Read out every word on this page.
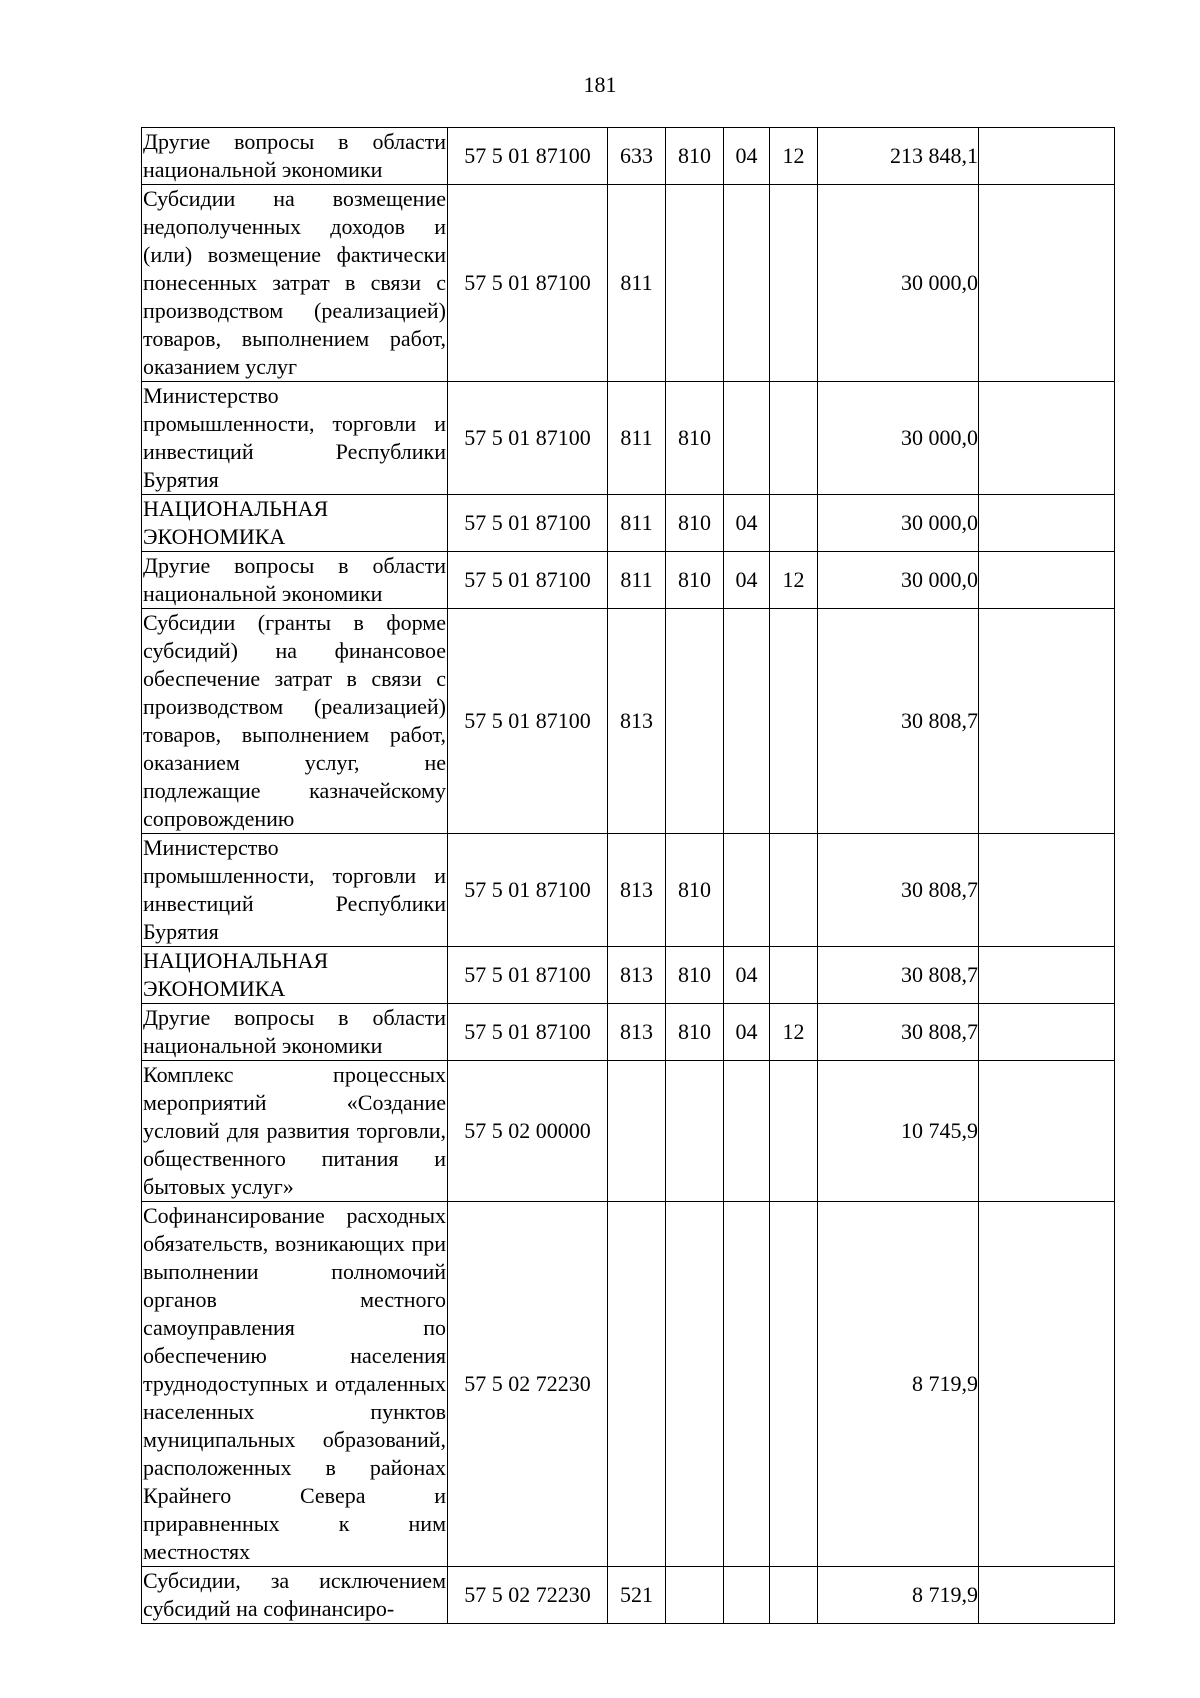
181
Другие вопросы в области национальной экономики	57 5 01 87100	633	810	04	12	213 848,1	
Субсидии на возмещение недополученных доходов и (или) возмещение фактически понесенных затрат в связи с производством (реализацией) товаров, выполнением работ, оказанием услуг	57 5 01 87100	811				30 000,0	
Министерство промышленности, торговли и инвестиций Республики Бурятия	57 5 01 87100	811	810			30 000,0	
НАЦИОНАЛЬНАЯ ЭКОНОМИКА	57 5 01 87100	811	810	04		30 000,0	
Другие вопросы в области национальной экономики	57 5 01 87100	811	810	04	12	30 000,0	
Субсидии (гранты в форме субсидий) на финансовое обеспечение затрат в связи с производством (реализацией) товаров, выполнением работ, оказанием услуг, не подлежащие казначейскому сопровождению	57 5 01 87100	813				30 808,7	
Министерство промышленности, торговли и инвестиций Республики Бурятия	57 5 01 87100	813	810			30 808,7	
НАЦИОНАЛЬНАЯ ЭКОНОМИКА	57 5 01 87100	813	810	04		30 808,7	
Другие вопросы в области национальной экономики	57 5 01 87100	813	810	04	12	30 808,7	
Комплекс процессных мероприятий «Создание условий для развития торговли, общественного питания и бытовых услуг»	57 5 02 00000					10 745,9	
Софинансирование расходных обязательств, возникающих при выполнении полномочий органов местного самоуправления по обеспечению населения труднодоступных и отдаленных населенных пунктов муниципальных образований, расположенных в районах Крайнего Севера и приравненных к ним местностях	57 5 02 72230					8 719,9	
Субсидии, за исключением субсидий на софинансиро-	57 5 02 72230	521				8 719,9	
